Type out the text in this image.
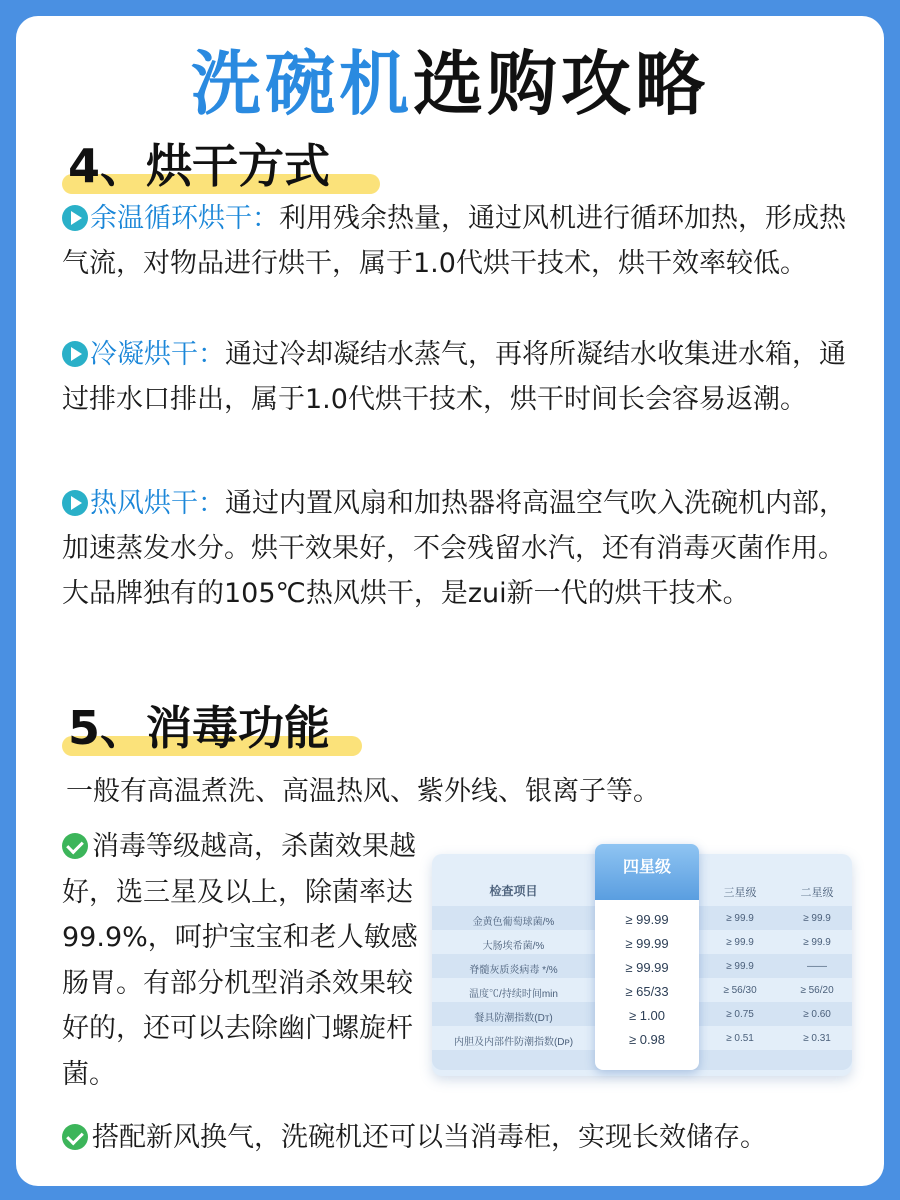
洗碗机选购攻略
4、烘干方式
余温循环烘干：利用残余热量，通过风机进行循环加热，形成热气流，对物品进行烘干，属于1.0代烘干技术，烘干效率较低。
冷凝烘干：通过冷却凝结水蒸气，再将所凝结水收集进水箱，通过排水口排出，属于1.0代烘干技术，烘干时间长会容易返潮。
热风烘干：通过内置风扇和加热器将高温空气吹入洗碗机内部，加速蒸发水分。烘干效果好，不会残留水汽，还有消毒灭菌作用。大品牌独有的105℃热风烘干，是zui新一代的烘干技术。
5、消毒功能
一般有高温煮洗、高温热风、紫外线、银离子等。
消毒等级越高，杀菌效果越好，选三星及以上，除菌率达99.9%，呵护宝宝和老人敏感肠胃。有部分机型消杀效果较好的，还可以去除幽门螺旋杆菌。
检查项目
金黄色葡萄球菌/%
大肠埃希菌/%
脊髓灰质炎病毒 */%
温度℃/持续时间min
餐具防潮指数(Dт)
内胆及内部件防潮指数(Dᴘ)
四星级
≥ 99.99
≥ 99.99
≥ 99.99
≥ 65/33
≥ 1.00
≥ 0.98
三星级
≥ 99.9
≥ 99.9
≥ 99.9
≥ 56/30
≥ 0.75
≥ 0.51
二星级
≥ 99.9
≥ 99.9
——
≥ 56/20
≥ 0.60
≥ 0.31
搭配新风换气，洗碗机还可以当消毒柜，实现长效储存。
